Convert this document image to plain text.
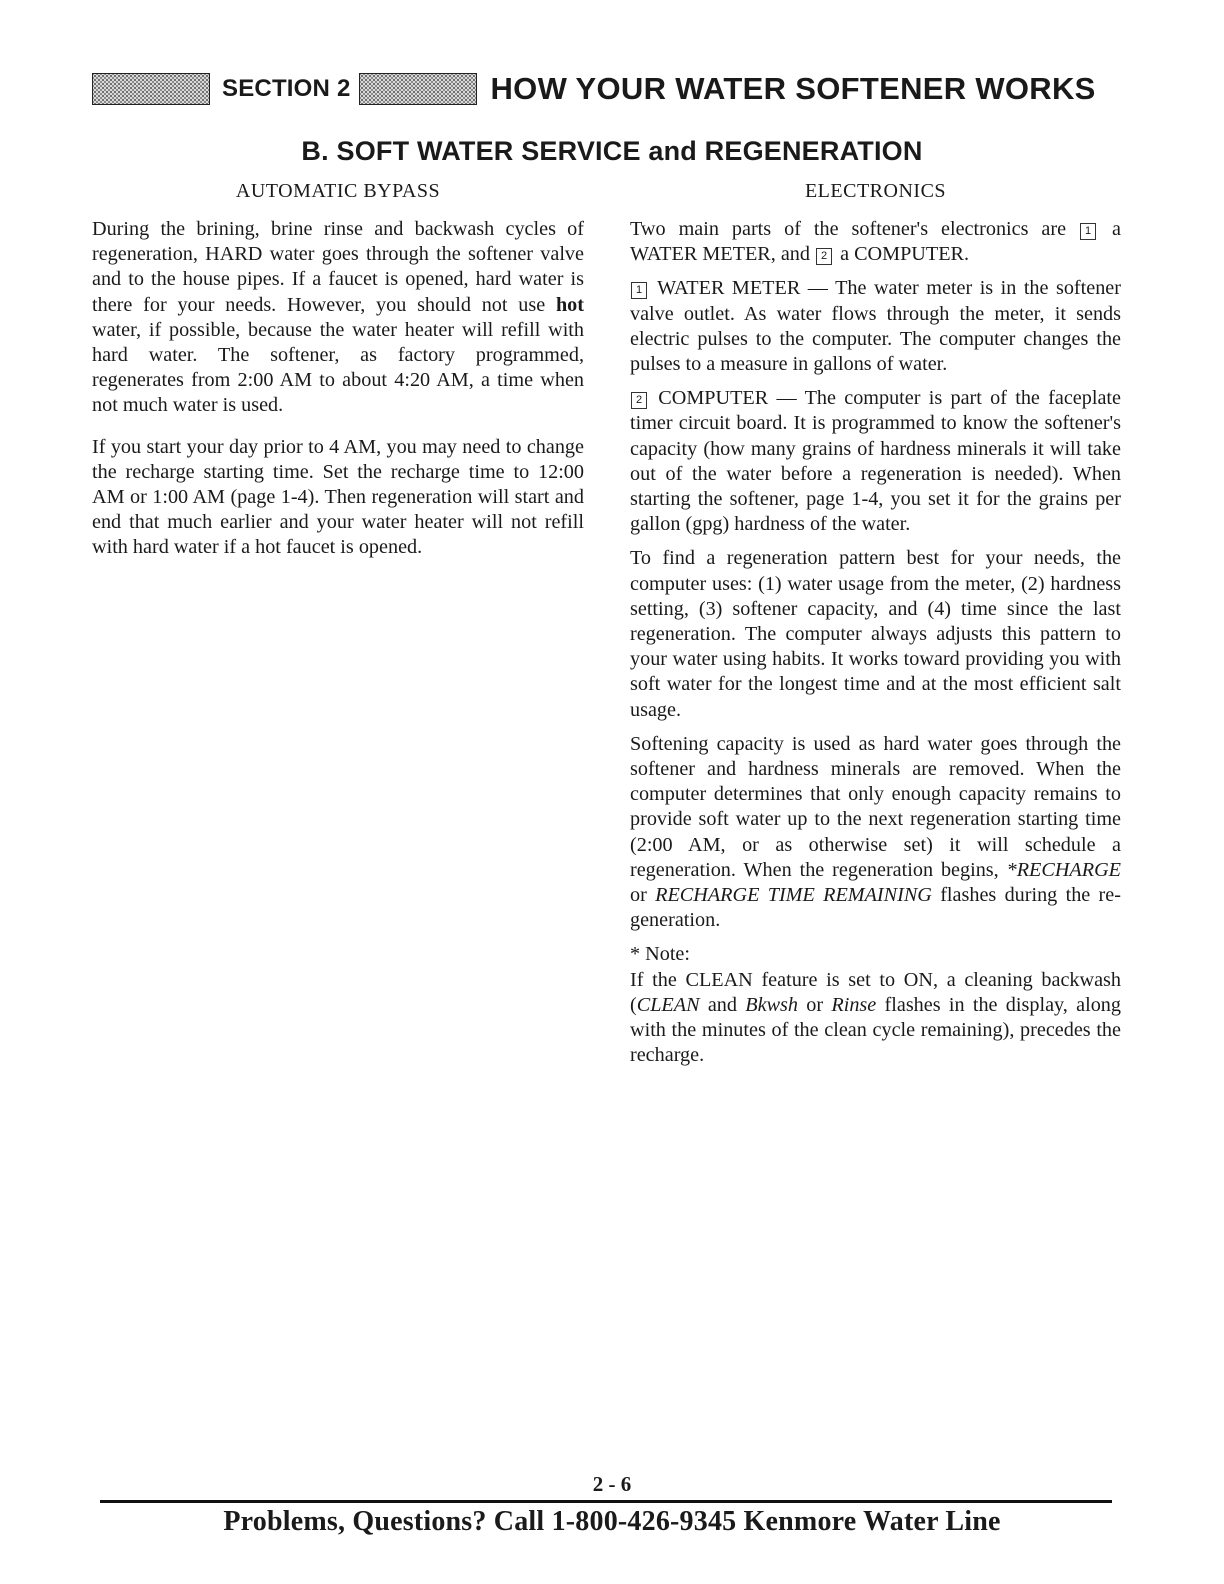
SECTION 2	HOW YOUR WATER SOFTENER WORKS
B. SOFT WATER SERVICE and REGENERATION
AUTOMATIC BYPASS

During the brining, brine rinse and backwash cycles of regeneration, HARD water goes through the softener valve and to the house pipes. If a faucet is opened, hard water is there for your needs. However, you should not use hot water, if possible, because the water heater will refill with hard water. The softener, as factory programmed, regenerates from 2:00 AM to about 4:20 AM, a time when not much water is used.

If you start your day prior to 4 AM, you may need to change the recharge starting time. Set the recharge time to 12:00 AM or 1:00 AM (page 1-4). Then regeneration will start and end that much earlier and your water heater will not refill with hard water if a hot faucet is opened.

ELECTRONICS

Two main parts of the softener's electronics are 1 a WATER METER, and 2 a COMPUTER.

1 WATER METER — The water meter is in the softener valve outlet. As water flows through the meter, it sends electric pulses to the computer. The computer changes the pulses to a measure in gallons of water.

2 COMPUTER — The computer is part of the faceplate timer circuit board. It is programmed to know the softener's capacity (how many grains of hardness minerals it will take out of the water before a regeneration is needed). When starting the softener, page 1-4, you set it for the grains per gallon (gpg) hardness of the water.

To find a regeneration pattern best for your needs, the computer uses: (1) water usage from the meter, (2) hardness setting, (3) softener capacity, and (4) time since the last regeneration. The computer always adjusts this pattern to your water using habits. It works toward providing you with soft water for the longest time and at the most efficient salt usage.

Softening capacity is used as hard water goes through the softener and hardness minerals are removed. When the computer determines that only enough capacity remains to provide soft water up to the next regeneration starting time (2:00 AM, or as otherwise set) it will schedule a regeneration. When the regeneration begins, *RECHARGE or RECHARGE TIME REMAINING flashes during the regeneration.

* Note:

If the CLEAN feature is set to ON, a cleaning backwash (CLEAN and Bkwsh or Rinse flashes in the display, along with the minutes of the clean cycle remaining), precedes the recharge.

2 - 6
Problems, Questions? Call 1-800-426-9345 Kenmore Water Line
